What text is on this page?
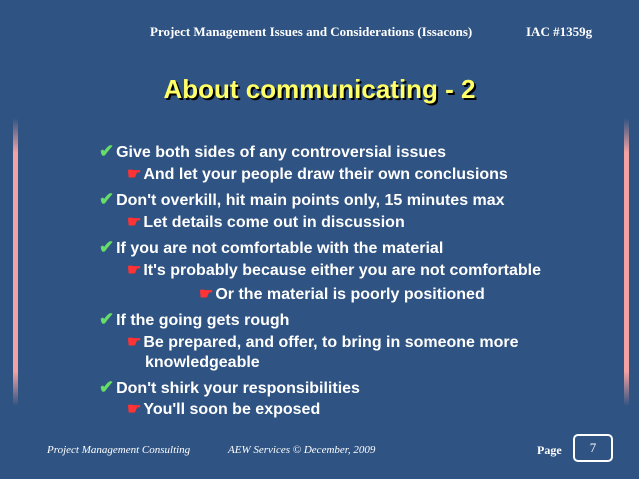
Project Management Issues and Considerations (Issacons)	IAC #1359g
About communicating - 2
✔ Give both sides of any controversial issues
☛ And let your people draw their own conclusions
✔ Don't overkill, hit main points only, 15 minutes max
☛ Let details come out in discussion
✔ If you are not comfortable with the material
☛ It's probably because either you are not comfortable
☛ Or the material is poorly positioned
✔ If the going gets rough
☛ Be prepared, and offer, to bring in someone more
knowledgeable
✔ Don't shirk your responsibilities
☛ You'll soon be exposed
Project Management Consulting	AEW Services © December, 2009	Page	7
